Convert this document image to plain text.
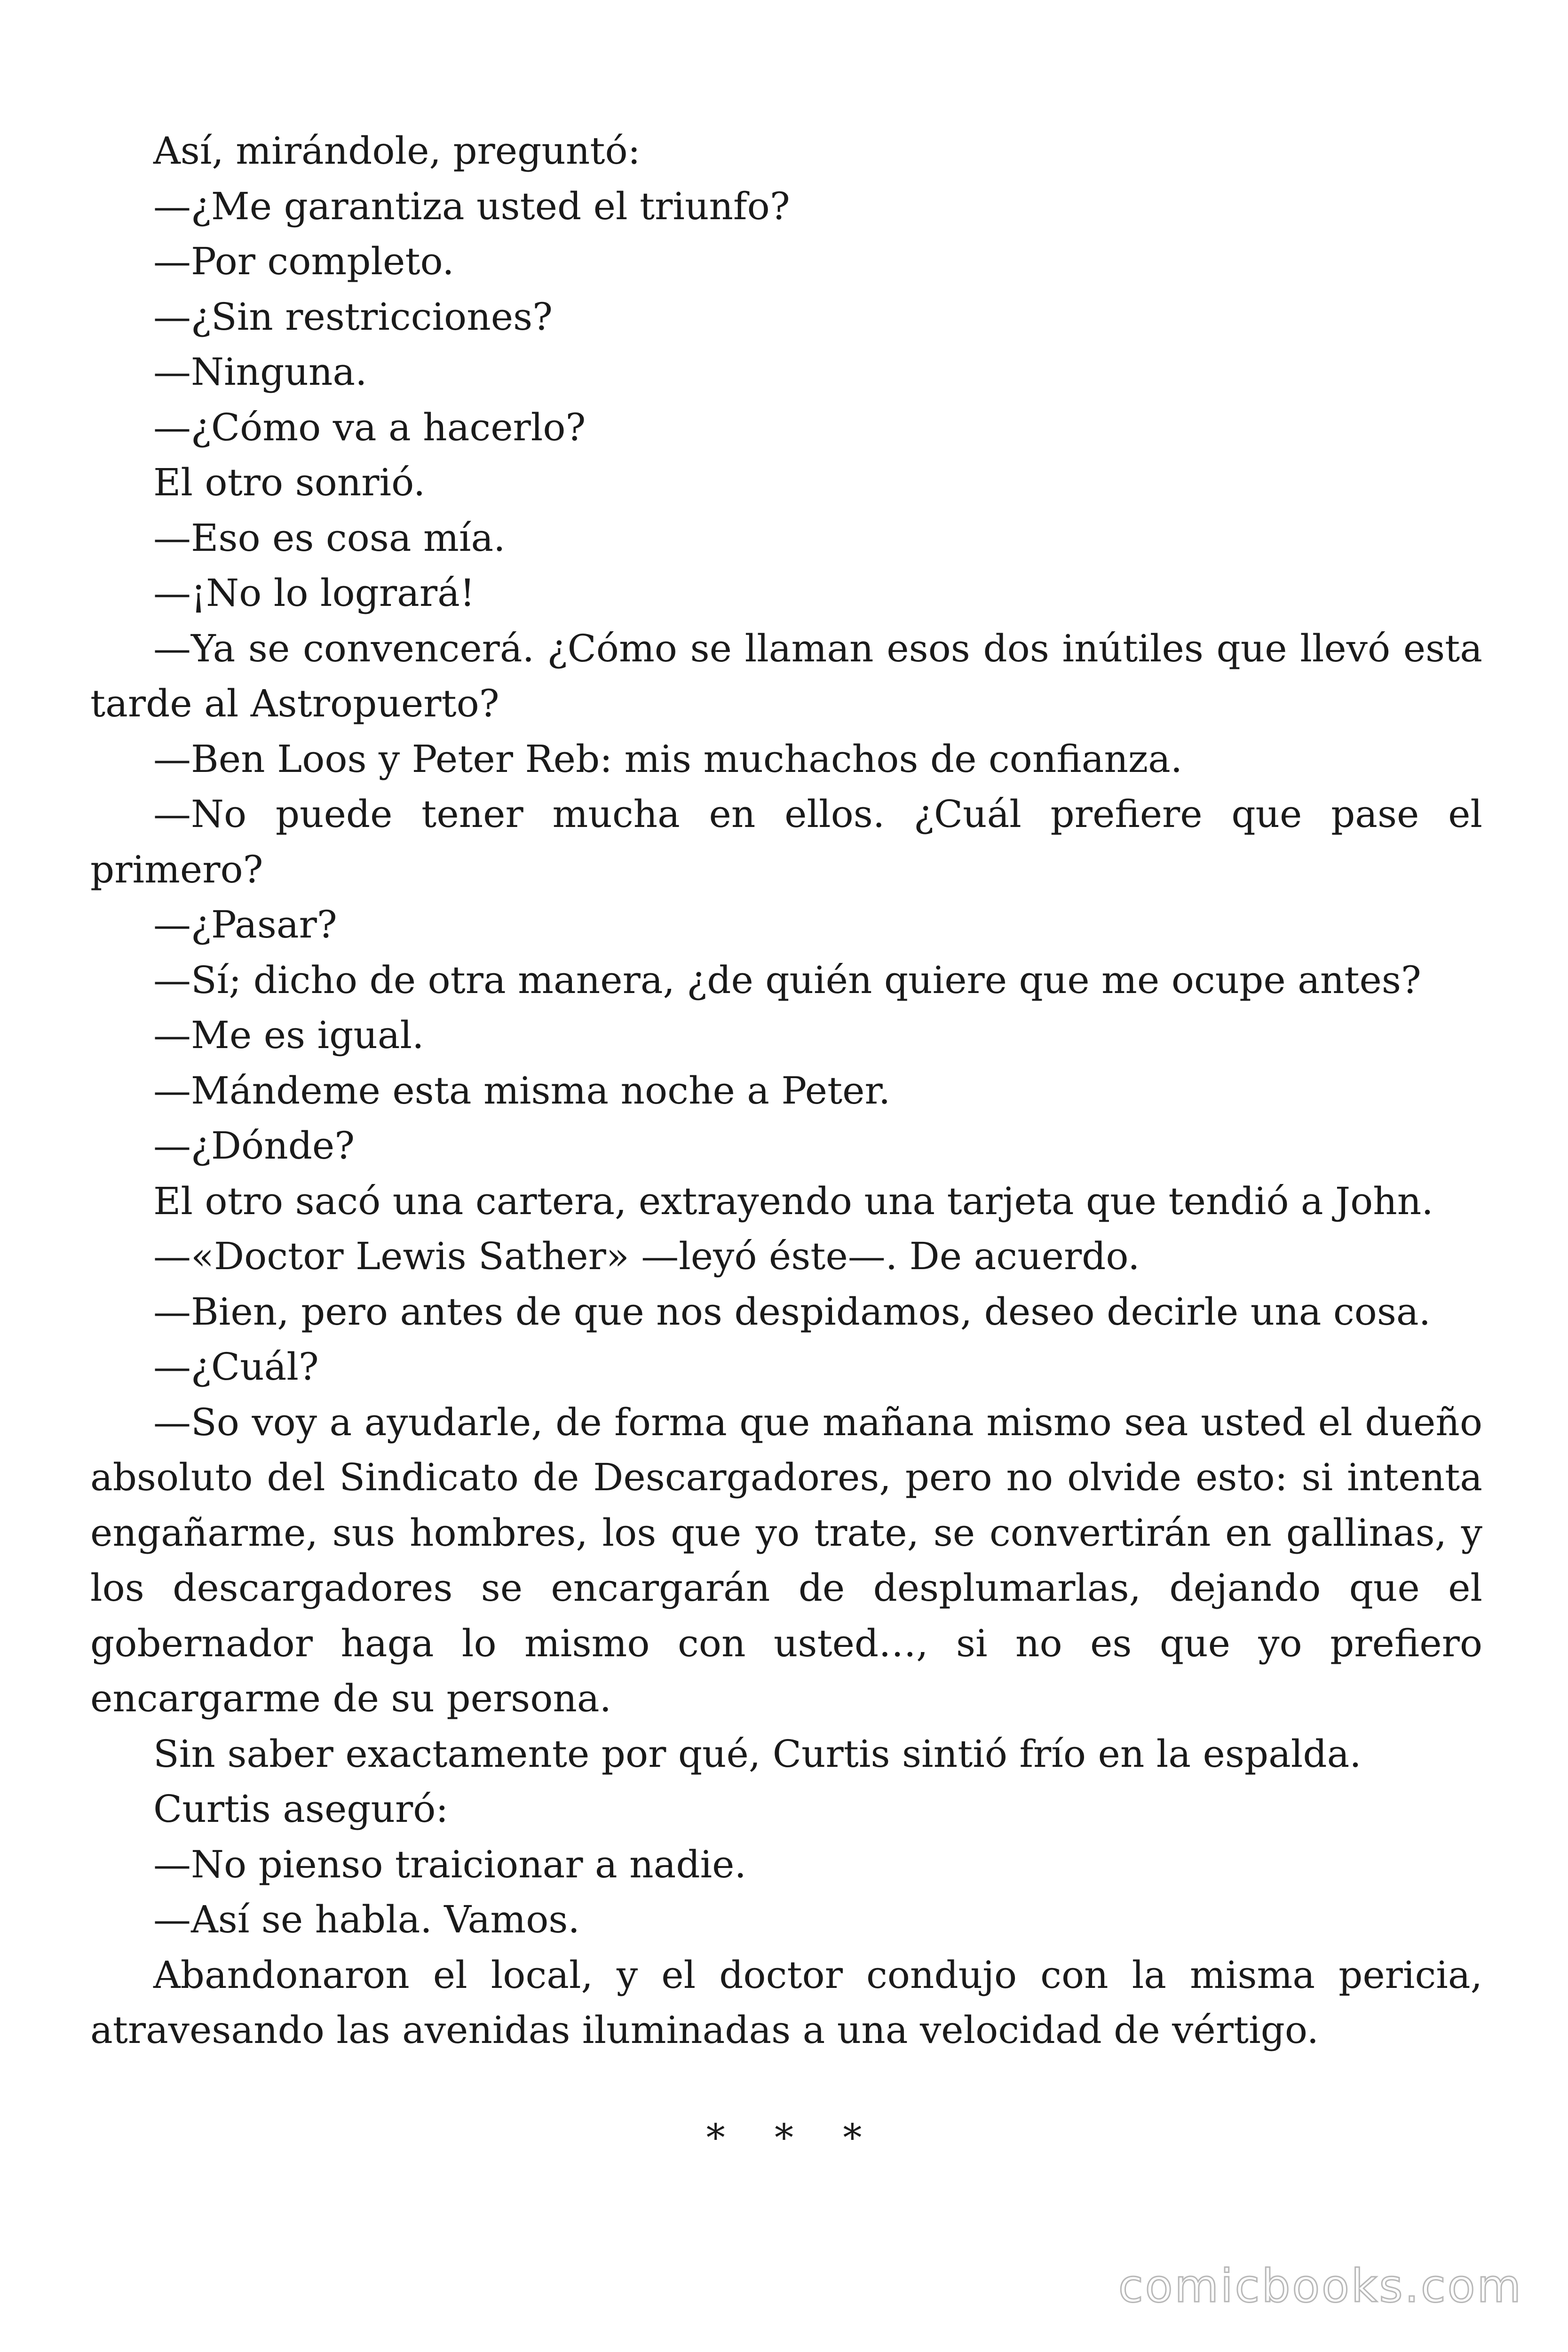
Así, mirándole, preguntó:

—¿Me garantiza usted el triunfo?

—Por completo.

—¿Sin restricciones?

—Ninguna.

—¿Cómo va a hacerlo?

El otro sonrió.

—Eso es cosa mía.

—¡No lo logrará!

—Ya se convencerá. ¿Cómo se llaman esos dos inútiles que llevó esta tarde al Astropuerto?

—Ben Loos y Peter Reb: mis muchachos de confianza.

—No puede tener mucha en ellos. ¿Cuál prefiere que pase el primero?

—¿Pasar?

—Sí; dicho de otra manera, ¿de quién quiere que me ocupe antes?

—Me es igual.

—Mándeme esta misma noche a Peter.

—¿Dónde?

El otro sacó una cartera, extrayendo una tarjeta que tendió a John.

—«Doctor Lewis Sather» —leyó éste—. De acuerdo.

—Bien, pero antes de que nos despidamos, deseo decirle una cosa.

—¿Cuál?

—So voy a ayudarle, de forma que mañana mismo sea usted el dueño absoluto del Sindicato de Descargadores, pero no olvide esto: si intenta engañarme, sus hombres, los que yo trate, se convertirán en gallinas, y los descargadores se encargarán de desplumarlas, dejando que el gobernador haga lo mismo con usted…, si no es que yo prefiero encargarme de su persona.

Sin saber exactamente por qué, Curtis sintió frío en la espalda.

Curtis aseguró:

—No pienso traicionar a nadie.

—Así se habla. Vamos.

Abandonaron el local, y el doctor condujo con la misma pericia, atravesando las avenidas iluminadas a una velocidad de vértigo.

* * *
comicbooks.com
